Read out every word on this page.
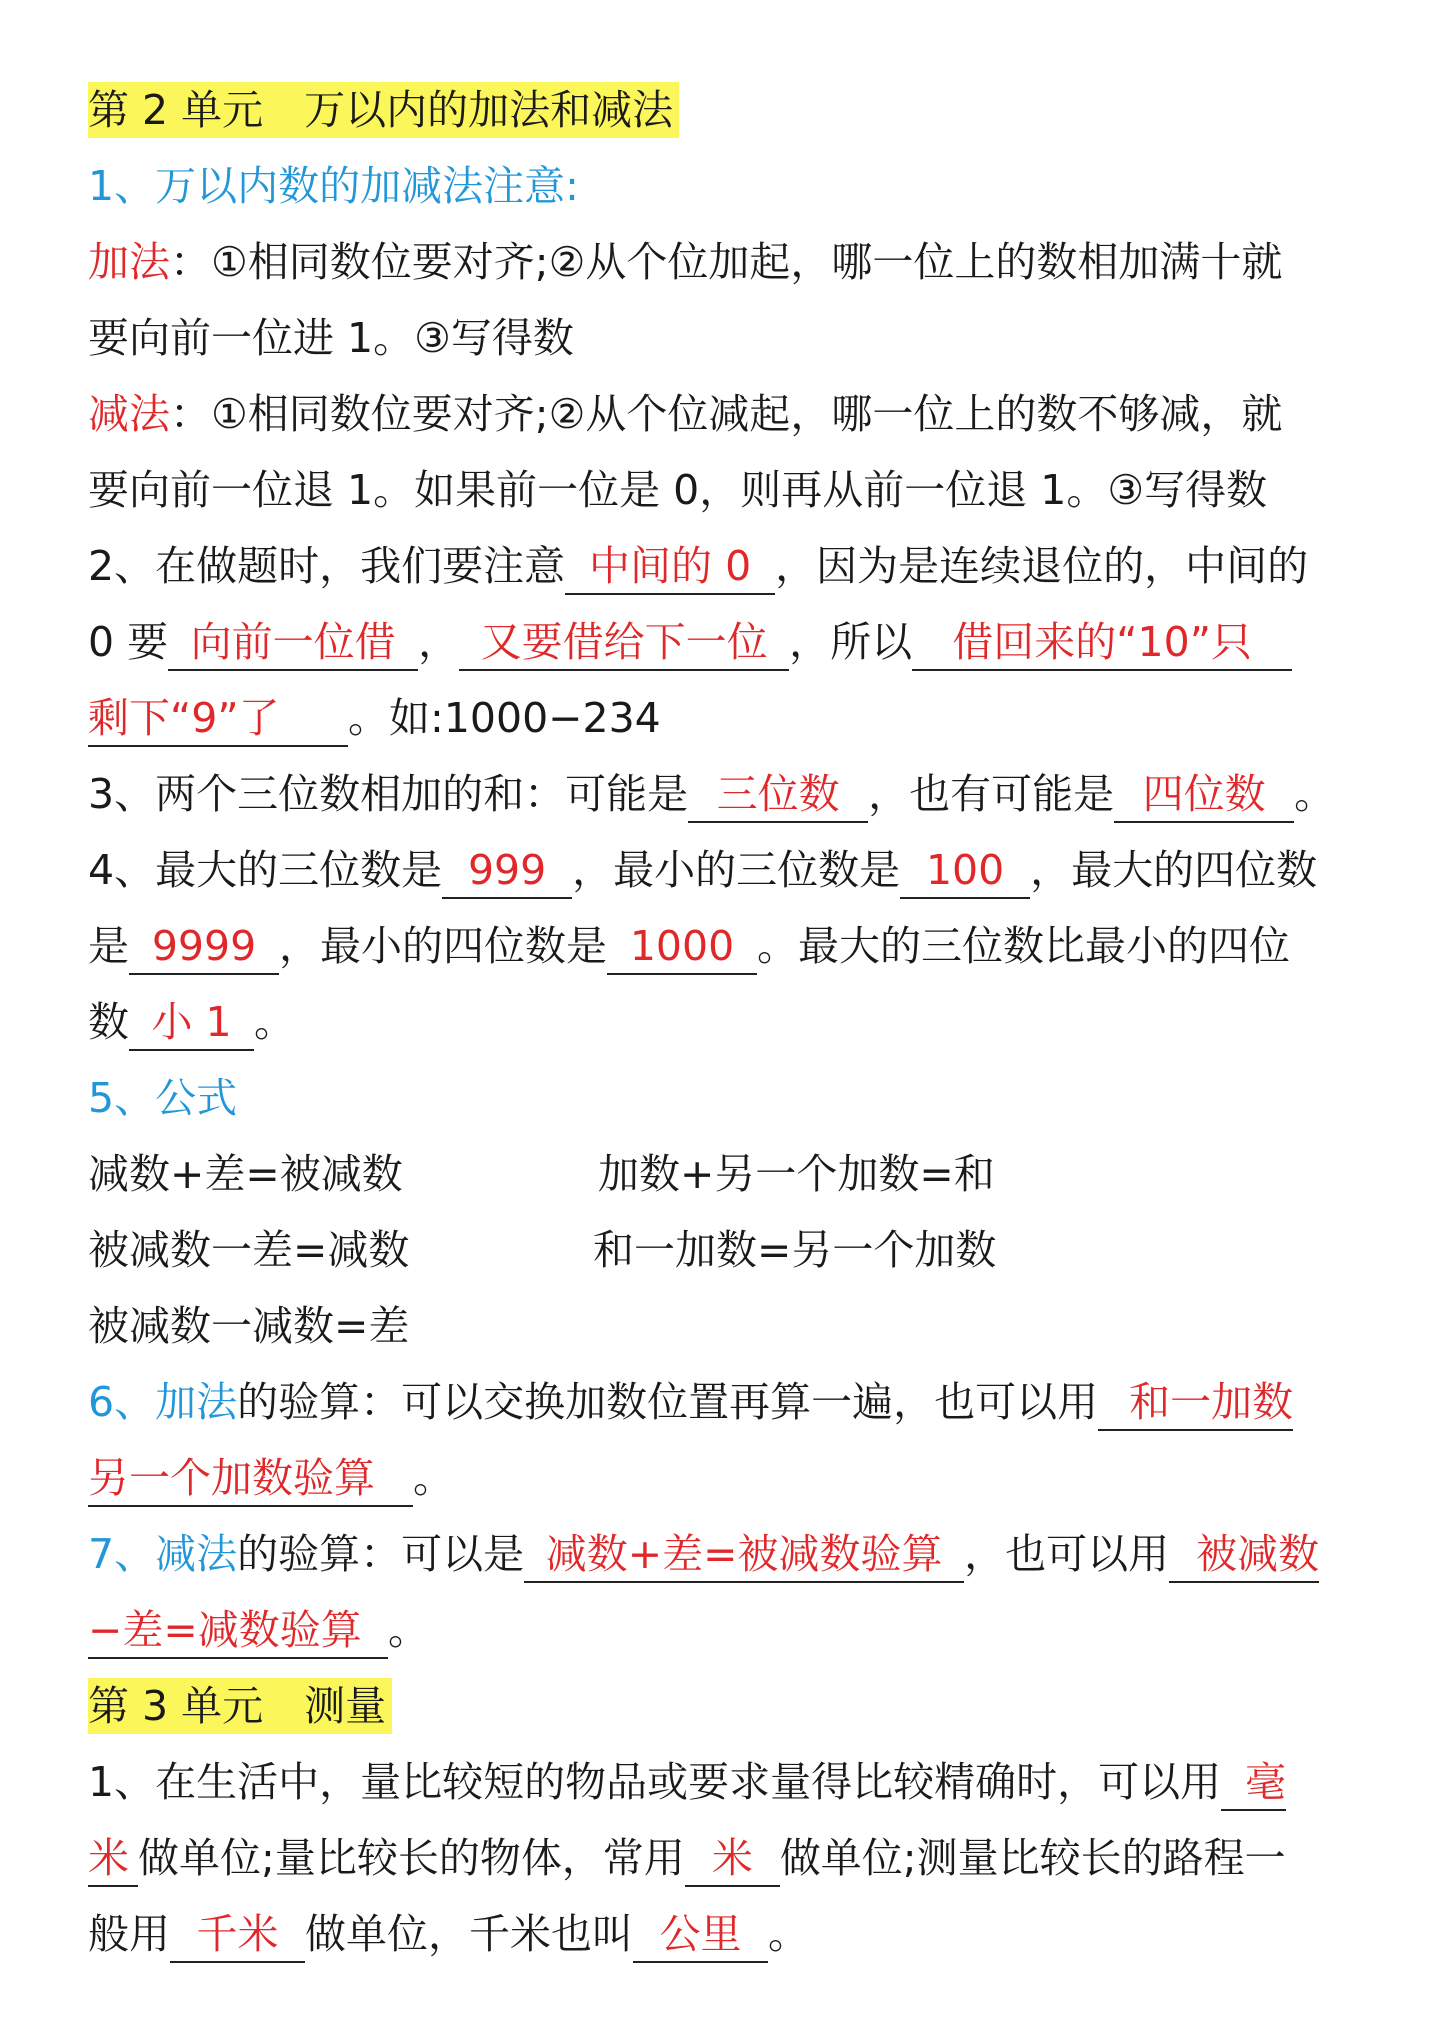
第 2 单元　万以内的加法和减法
1、万以内数的加减法注意:
加法：①相同数位要对齐;②从个位加起，哪一位上的数相加满十就
要向前一位进 1。③写得数
减法：①相同数位要对齐;②从个位减起，哪一位上的数不够减，就
要向前一位退 1。如果前一位是 0，则再从前一位退 1。③写得数
2、在做题时，我们要注意 中间的 0 ，因为是连续退位的，中间的
0 要 向前一位借 ， 又要借给下一位 ，所以 借回来的“10”只
剩下“9”了 。如:1000−234
3、两个三位数相加的和：可能是 三位数 ，也有可能是 四位数 。
4、最大的三位数是 999 ，最小的三位数是 100 ，最大的四位数
是 9999 ，最小的四位数是 1000 。最大的三位数比最小的四位
数 小 1 。
5、公式
减数+差=被减数	加数+另一个加数=和
被减数一差=减数	和一加数=另一个加数
被减数一减数=差
6、加法的验算：可以交换加数位置再算一遍，也可以用 和一加数
另一个加数验算 。
7、减法的验算：可以是 减数+差=被减数验算 ，也可以用 被减数
−差=减数验算 。
第 3 单元　测量
1、在生活中，量比较短的物品或要求量得比较精确时，可以用 毫
米 做单位;量比较长的物体，常用 米 做单位;测量比较长的路程一
般用 千米 做单位，千米也叫 公里 。
